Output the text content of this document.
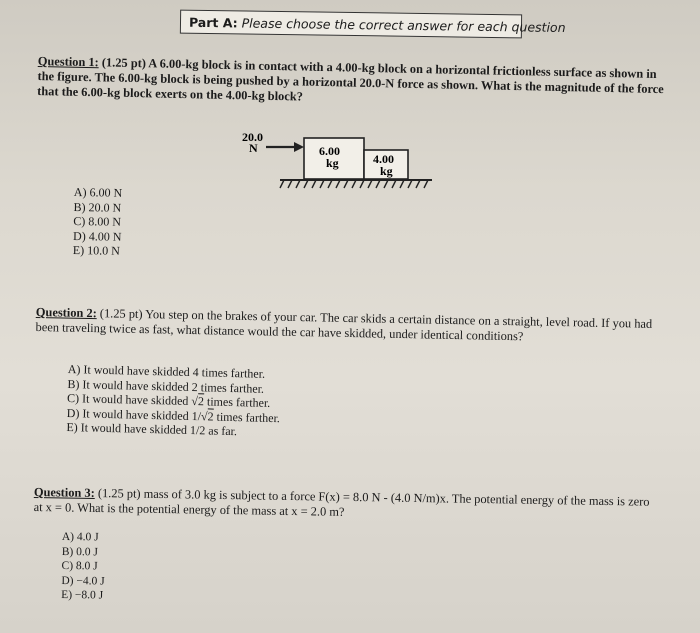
Part A: Please choose the correct answer for each question
Question 1: (1.25 pt) A 6.00-kg block is in contact with a 4.00-kg block on a horizontal frictionless surface as shown in the figure. The 6.00-kg block is being pushed by a horizontal 20.0-N force as shown. What is the magnitude of the force that the 6.00-kg block exerts on the 4.00-kg block?
20.0
N	6.00
kg	4.00
kg
A) 6.00 N
B) 20.0 N
C) 8.00 N
D) 4.00 N
E) 10.0 N
Question 2: (1.25 pt) You step on the brakes of your car. The car skids a certain distance on a straight, level road. If you had been traveling twice as fast, what distance would the car have skidded, under identical conditions?
A) It would have skidded 4 times farther.
B) It would have skidded 2 times farther.
C) It would have skidded √2 times farther.
D) It would have skidded 1/√2 times farther.
E) It would have skidded 1/2 as far.
Question 3: (1.25 pt) mass of 3.0 kg is subject to a force F(x) = 8.0 N - (4.0 N/m)x. The potential energy of the mass is zero at x = 0. What is the potential energy of the mass at x = 2.0 m?
A) 4.0 J
B) 0.0 J
C) 8.0 J
D) −4.0 J
E) −8.0 J
